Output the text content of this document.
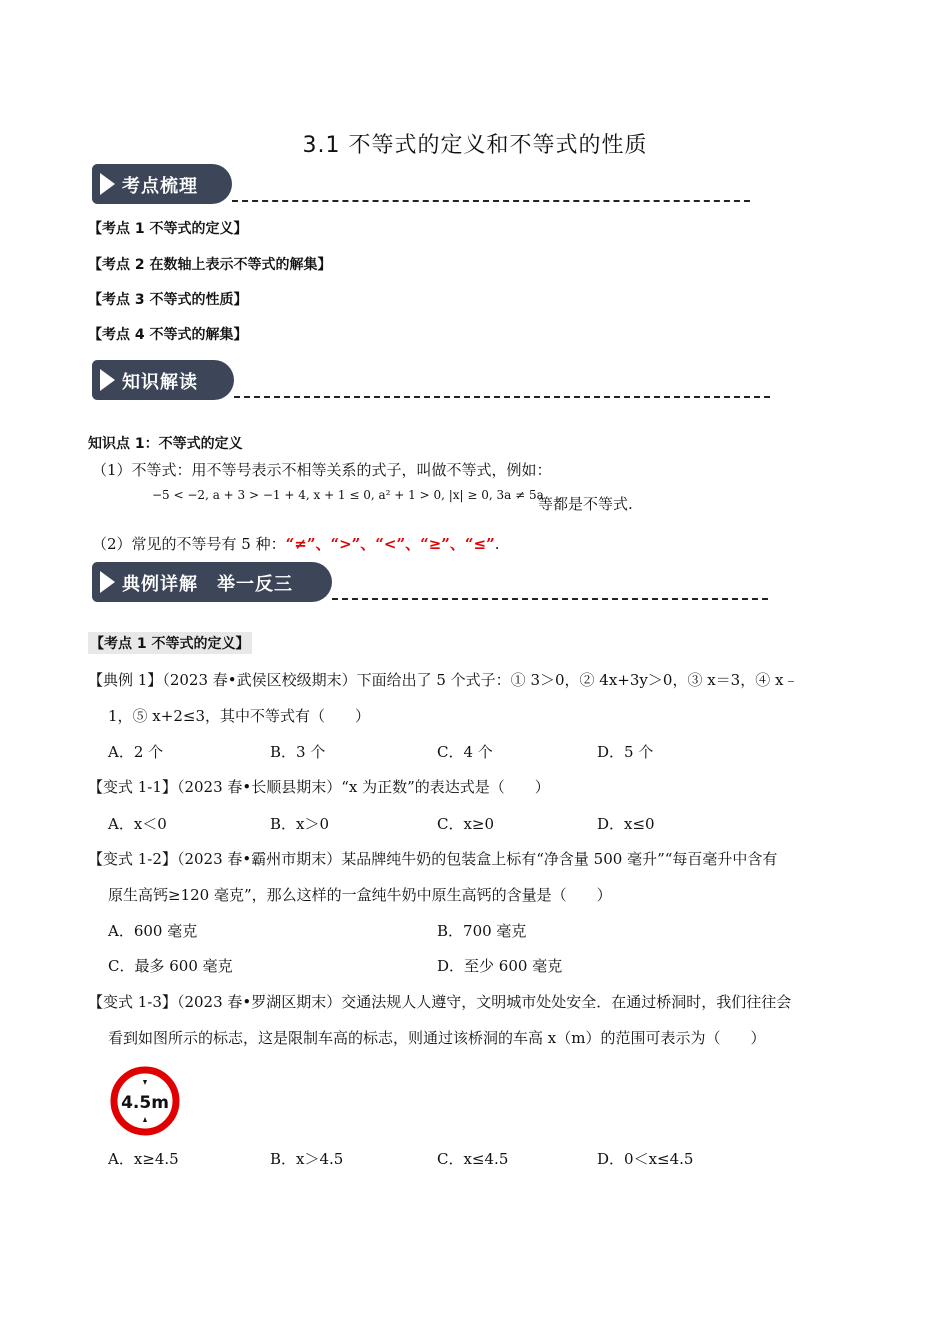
3.1 不等式的定义和不等式的性质
考点梳理
【考点 1 不等式的定义】
【考点 2 在数轴上表示不等式的解集】
【考点 3 不等式的性质】
【考点 4 不等式的解集】
知识解读
知识点 1：不等式的定义
（1）不等式：用不等号表示不相等关系的式子，叫做不等式，例如：
−5 < −2, a + 3 > −1 + 4, x + 1 ≤ 0, a² + 1 > 0, |x| ≥ 0, 3a ≠ 5a
等都是不等式.
（2）常见的不等号有 5 种：“≠”、“>”、“<”、“≥”、“≤”.
典例详解　举一反三
【考点 1 不等式的定义】
【典例 1】（2023 春•武侯区校级期末）下面给出了 5 个式子：① 3＞0，② 4x+3y＞0，③ x＝3，④ x﹣
1，⑤ x+2≤3，其中不等式有（　　）
A．2 个	B．3 个	C．4 个	D．5 个
【变式 1-1】（2023 春•长顺县期末）“x 为正数”的表达式是（　　）
A．x＜0	B．x＞0	C．x≥0	D．x≤0
【变式 1-2】（2023 春•霸州市期末）某品牌纯牛奶的包装盒上标有“净含量 500 毫升”“每百毫升中含有
原生高钙≥120 毫克”，那么这样的一盒纯牛奶中原生高钙的含量是（　　）
A．600 毫克	B．700 毫克
C．最多 600 毫克	D．至少 600 毫克
【变式 1-3】（2023 春•罗湖区期末）交通法规人人遵守，文明城市处处安全．在通过桥洞时，我们往往会
看到如图所示的标志，这是限制车高的标志，则通过该桥洞的车高 x（m）的范围可表示为（　　）
4.5m
A．x≥4.5	B．x＞4.5	C．x≤4.5	D．0＜x≤4.5
